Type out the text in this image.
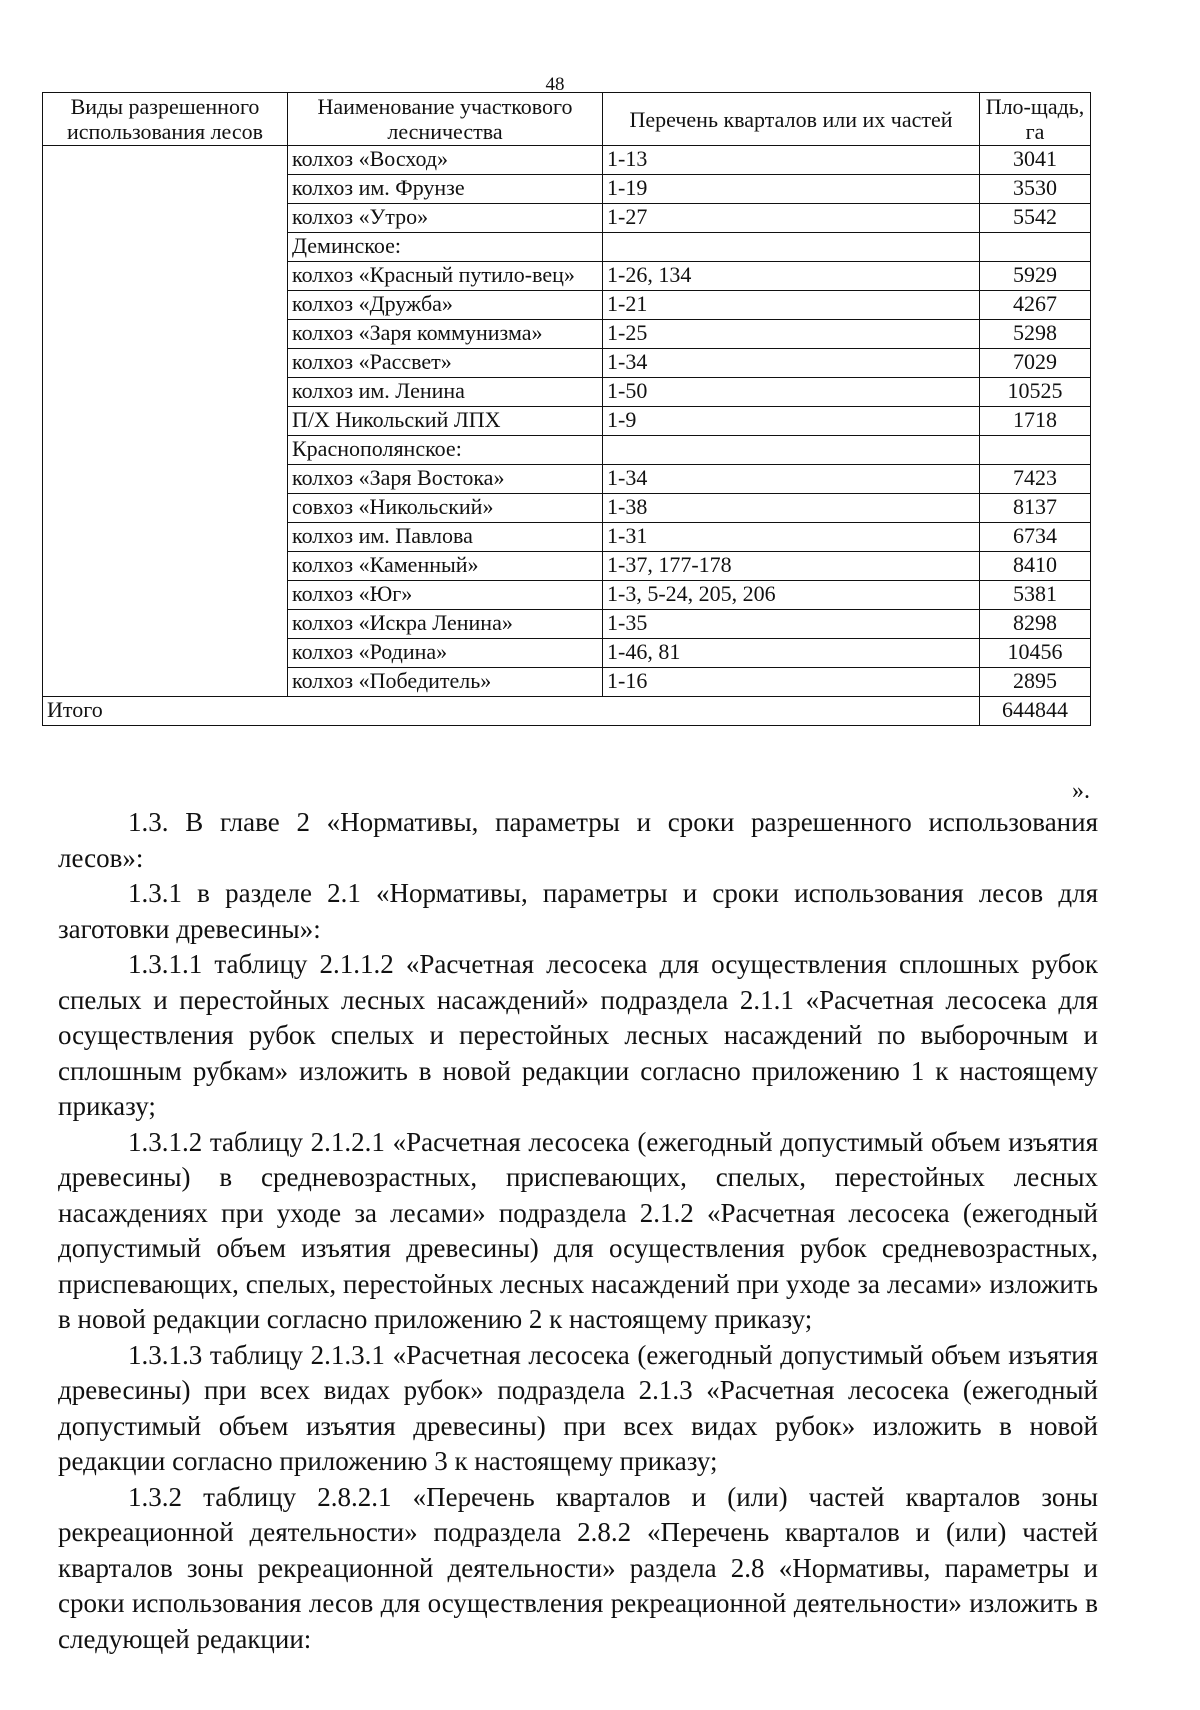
48
Виды разрешенного использования лесов	Наименование участкового лесничества	Перечень кварталов или их частей	Пло-щадь, га
	колхоз «Восход»	1-13	3041
	колхоз им. Фрунзе	1-19	3530
	колхоз «Утро»	1-27	5542
	Деминское:		
	колхоз «Красный путило-вец»	1-26, 134	5929
	колхоз «Дружба»	1-21	4267
	колхоз «Заря коммунизма»	1-25	5298
	колхоз «Рассвет»	1-34	7029
	колхоз им. Ленина	1-50	10525
	П/Х Никольский ЛПХ	1-9	1718
	Краснополянское:		
	колхоз «Заря Востока»	1-34	7423
	совхоз «Никольский»	1-38	8137
	колхоз им. Павлова	1-31	6734
	колхоз «Каменный»	1-37, 177-178	8410
	колхоз «Юг»	1-3, 5-24, 205, 206	5381
	колхоз «Искра Ленина»	1-35	8298
	колхоз «Родина»	1-46, 81	10456
	колхоз «Победитель»	1-16	2895
Итого			644844
».

1.3. В главе 2 «Нормативы, параметры и сроки разрешенного использования лесов»:

1.3.1 в разделе 2.1 «Нормативы, параметры и сроки использования лесов для заготовки древесины»:

1.3.1.1 таблицу 2.1.1.2 «Расчетная лесосека для осуществления сплошных рубок спелых и перестойных лесных насаждений» подраздела 2.1.1 «Расчетная лесосека для осуществления рубок спелых и перестойных лесных насаждений по выборочным и сплошным рубкам» изложить в новой редакции согласно приложению 1 к настоящему приказу;

1.3.1.2 таблицу 2.1.2.1 «Расчетная лесосека (ежегодный допустимый объем изъятия древесины) в средневозрастных, приспевающих, спелых, перестойных лесных насаждениях при уходе за лесами» подраздела 2.1.2 «Расчетная лесосека (ежегодный допустимый объем изъятия древесины) для осуществления рубок средневозрастных, приспевающих, спелых, перестойных лесных насаждений при уходе за лесами» изложить в новой редакции согласно приложению 2 к настоящему приказу;

1.3.1.3 таблицу 2.1.3.1 «Расчетная лесосека (ежегодный допустимый объем изъятия древесины) при всех видах рубок» подраздела 2.1.3 «Расчетная лесосека (ежегодный допустимый объем изъятия древесины) при всех видах рубок» изложить в новой редакции согласно приложению 3 к настоящему приказу;

1.3.2 таблицу 2.8.2.1 «Перечень кварталов и (или) частей кварталов зоны рекреационной деятельности» подраздела 2.8.2 «Перечень кварталов и (или) частей кварталов зоны рекреационной деятельности» раздела 2.8 «Нормативы, параметры и сроки использования лесов для осуществления рекреационной деятельности» изложить в следующей редакции:
